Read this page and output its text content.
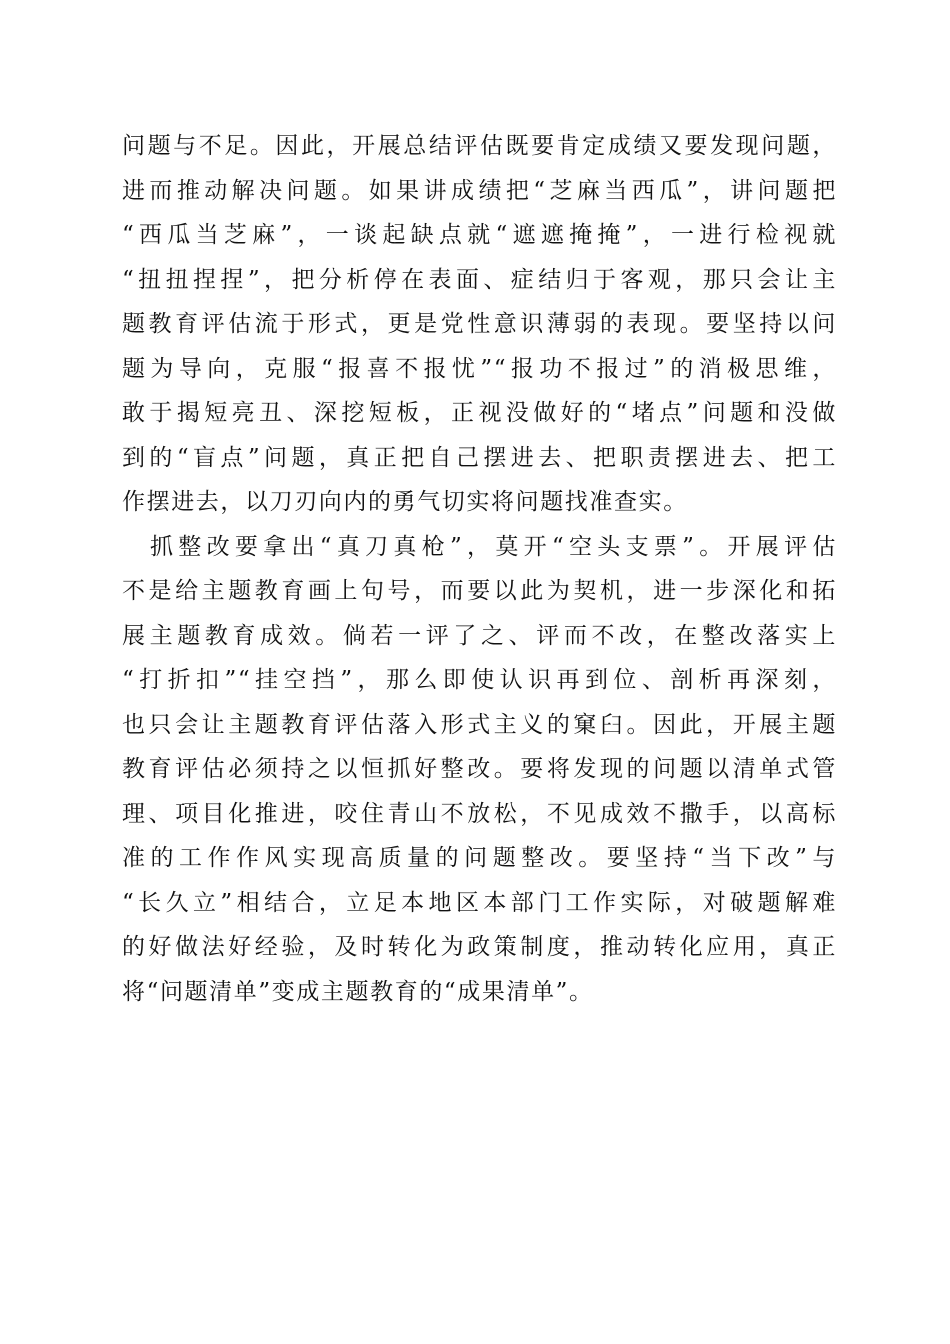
问题与不足。因此，开展总结评估既要肯定成绩又要发现问题，
进而推动解决问题。如果讲成绩把“芝麻当西瓜”，讲问题把
“西瓜当芝麻”，一谈起缺点就“遮遮掩掩”，一进行检视就
“扭扭捏捏”，把分析停在表面、症结归于客观，那只会让主
题教育评估流于形式，更是党性意识薄弱的表现。要坚持以问
题为导向，克服“报喜不报忧”“报功不报过”的消极思维，
敢于揭短亮丑、深挖短板，正视没做好的“堵点”问题和没做
到的“盲点”问题，真正把自己摆进去、把职责摆进去、把工
作摆进去，以刀刃向内的勇气切实将问题找准查实。
抓整改要拿出“真刀真枪”，莫开“空头支票”。开展评估
不是给主题教育画上句号，而要以此为契机，进一步深化和拓
展主题教育成效。倘若一评了之、评而不改，在整改落实上
“打折扣”“挂空挡”，那么即使认识再到位、剖析再深刻，
也只会让主题教育评估落入形式主义的窠臼。因此，开展主题
教育评估必须持之以恒抓好整改。要将发现的问题以清单式管
理、项目化推进，咬住青山不放松，不见成效不撒手，以高标
准的工作作风实现高质量的问题整改。要坚持“当下改”与
“长久立”相结合，立足本地区本部门工作实际，对破题解难
的好做法好经验，及时转化为政策制度，推动转化应用，真正
将“问题清单”变成主题教育的“成果清单”。
